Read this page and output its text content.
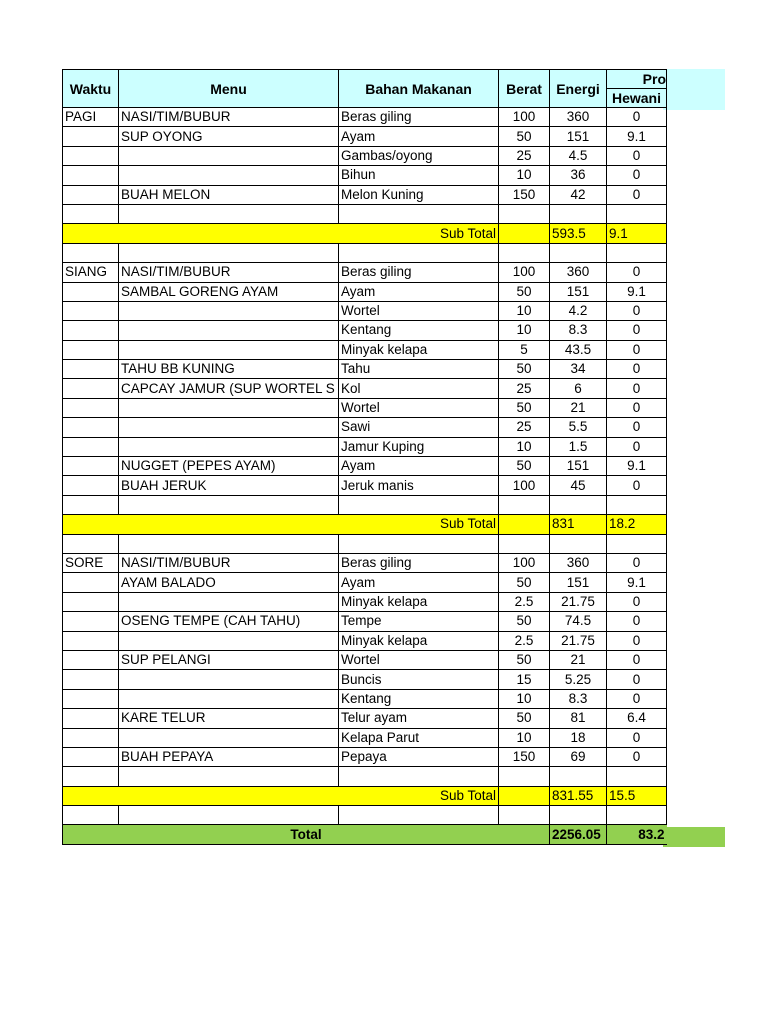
Waktu	Menu	Bahan Makanan	Berat	Energi	Pro
					Hewani
PAGI	NASI/TIM/BUBUR	Beras giling	100	360	0
	SUP OYONG	Ayam	50	151	9.1
		Gambas/oyong	25	4.5	0
		Bihun	10	36	0
	BUAH MELON	Melon Kuning	150	42	0

Sub Total				593.5	9.1

SIANG	NASI/TIM/BUBUR	Beras giling	100	360	0
	SAMBAL GORENG AYAM	Ayam	50	151	9.1
		Wortel	10	4.2	0
		Kentang	10	8.3	0
		Minyak kelapa	5	43.5	0
	TAHU BB KUNING	Tahu	50	34	0
	CAPCAY JAMUR (SUP WORTEL S	Kol	25	6	0
		Wortel	50	21	0
		Sawi	25	5.5	0
		Jamur Kuping	10	1.5	0
	NUGGET (PEPES AYAM)	Ayam	50	151	9.1
	BUAH JERUK	Jeruk manis	100	45	0

Sub Total				831	18.2

SORE	NASI/TIM/BUBUR	Beras giling	100	360	0
	AYAM BALADO	Ayam	50	151	9.1
		Minyak kelapa	2.5	21.75	0
	OSENG TEMPE (CAH TAHU)	Tempe	50	74.5	0
		Minyak kelapa	2.5	21.75	0
	SUP PELANGI	Wortel	50	21	0
		Buncis	15	5.25	0
		Kentang	10	8.3	0
	KARE TELUR	Telur ayam	50	81	6.4
		Kelapa Parut	10	18	0
	BUAH PEPAYA	Pepaya	150	69	0

Sub Total				831.55	15.5

Total				2256.05	83.2
